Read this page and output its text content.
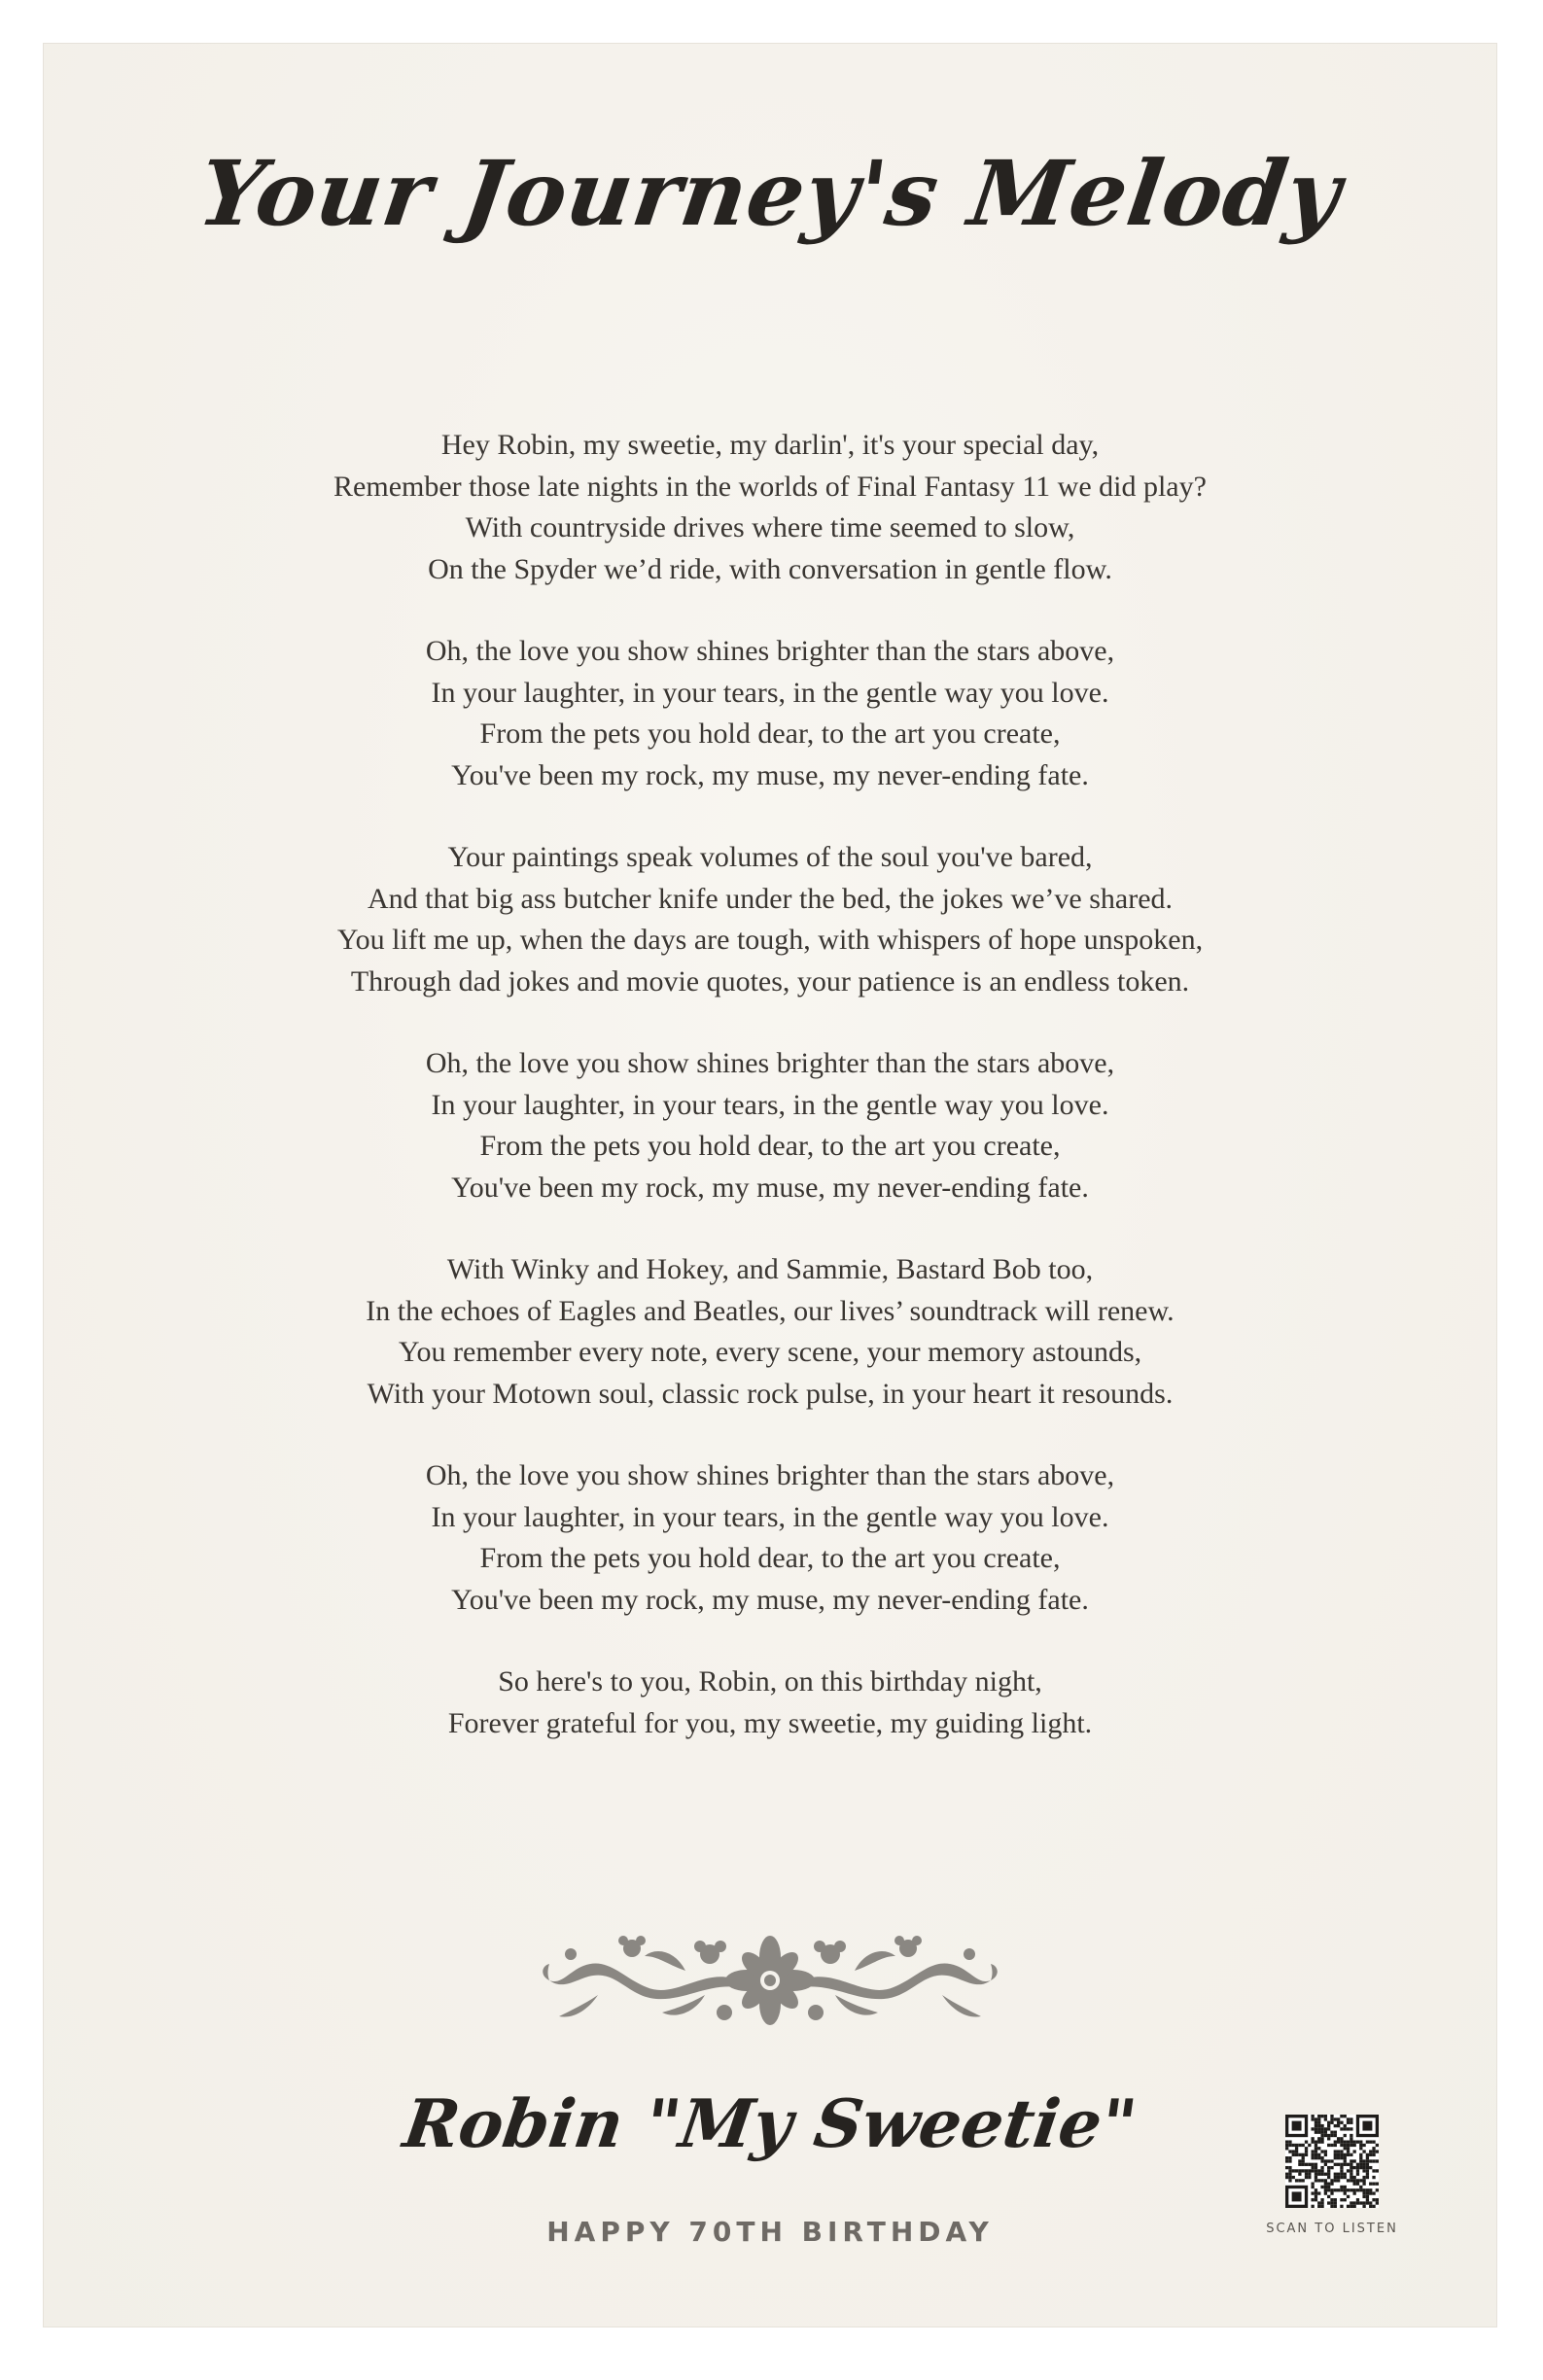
Your Journey's Melody

Hey Robin, my sweetie, my darlin', it's your special day,
Remember those late nights in the worlds of Final Fantasy 11 we did play?
With countryside drives where time seemed to slow,
On the Spyder we’d ride, with conversation in gentle flow.

Oh, the love you show shines brighter than the stars above,
In your laughter, in your tears, in the gentle way you love.
From the pets you hold dear, to the art you create,
You've been my rock, my muse, my never-ending fate.

Your paintings speak volumes of the soul you've bared,
And that big ass butcher knife under the bed, the jokes we’ve shared.
You lift me up, when the days are tough, with whispers of hope unspoken,
Through dad jokes and movie quotes, your patience is an endless token.

Oh, the love you show shines brighter than the stars above,
In your laughter, in your tears, in the gentle way you love.
From the pets you hold dear, to the art you create,
You've been my rock, my muse, my never-ending fate.

With Winky and Hokey, and Sammie, Bastard Bob too,
In the echoes of Eagles and Beatles, our lives’ soundtrack will renew.
You remember every note, every scene, your memory astounds,
With your Motown soul, classic rock pulse, in your heart it resounds.

Oh, the love you show shines brighter than the stars above,
In your laughter, in your tears, in the gentle way you love.
From the pets you hold dear, to the art you create,
You've been my rock, my muse, my never-ending fate.

So here's to you, Robin, on this birthday night,
Forever grateful for you, my sweetie, my guiding light.

Robin "My Sweetie"
HAPPY 70TH BIRTHDAY	SCAN TO LISTEN
